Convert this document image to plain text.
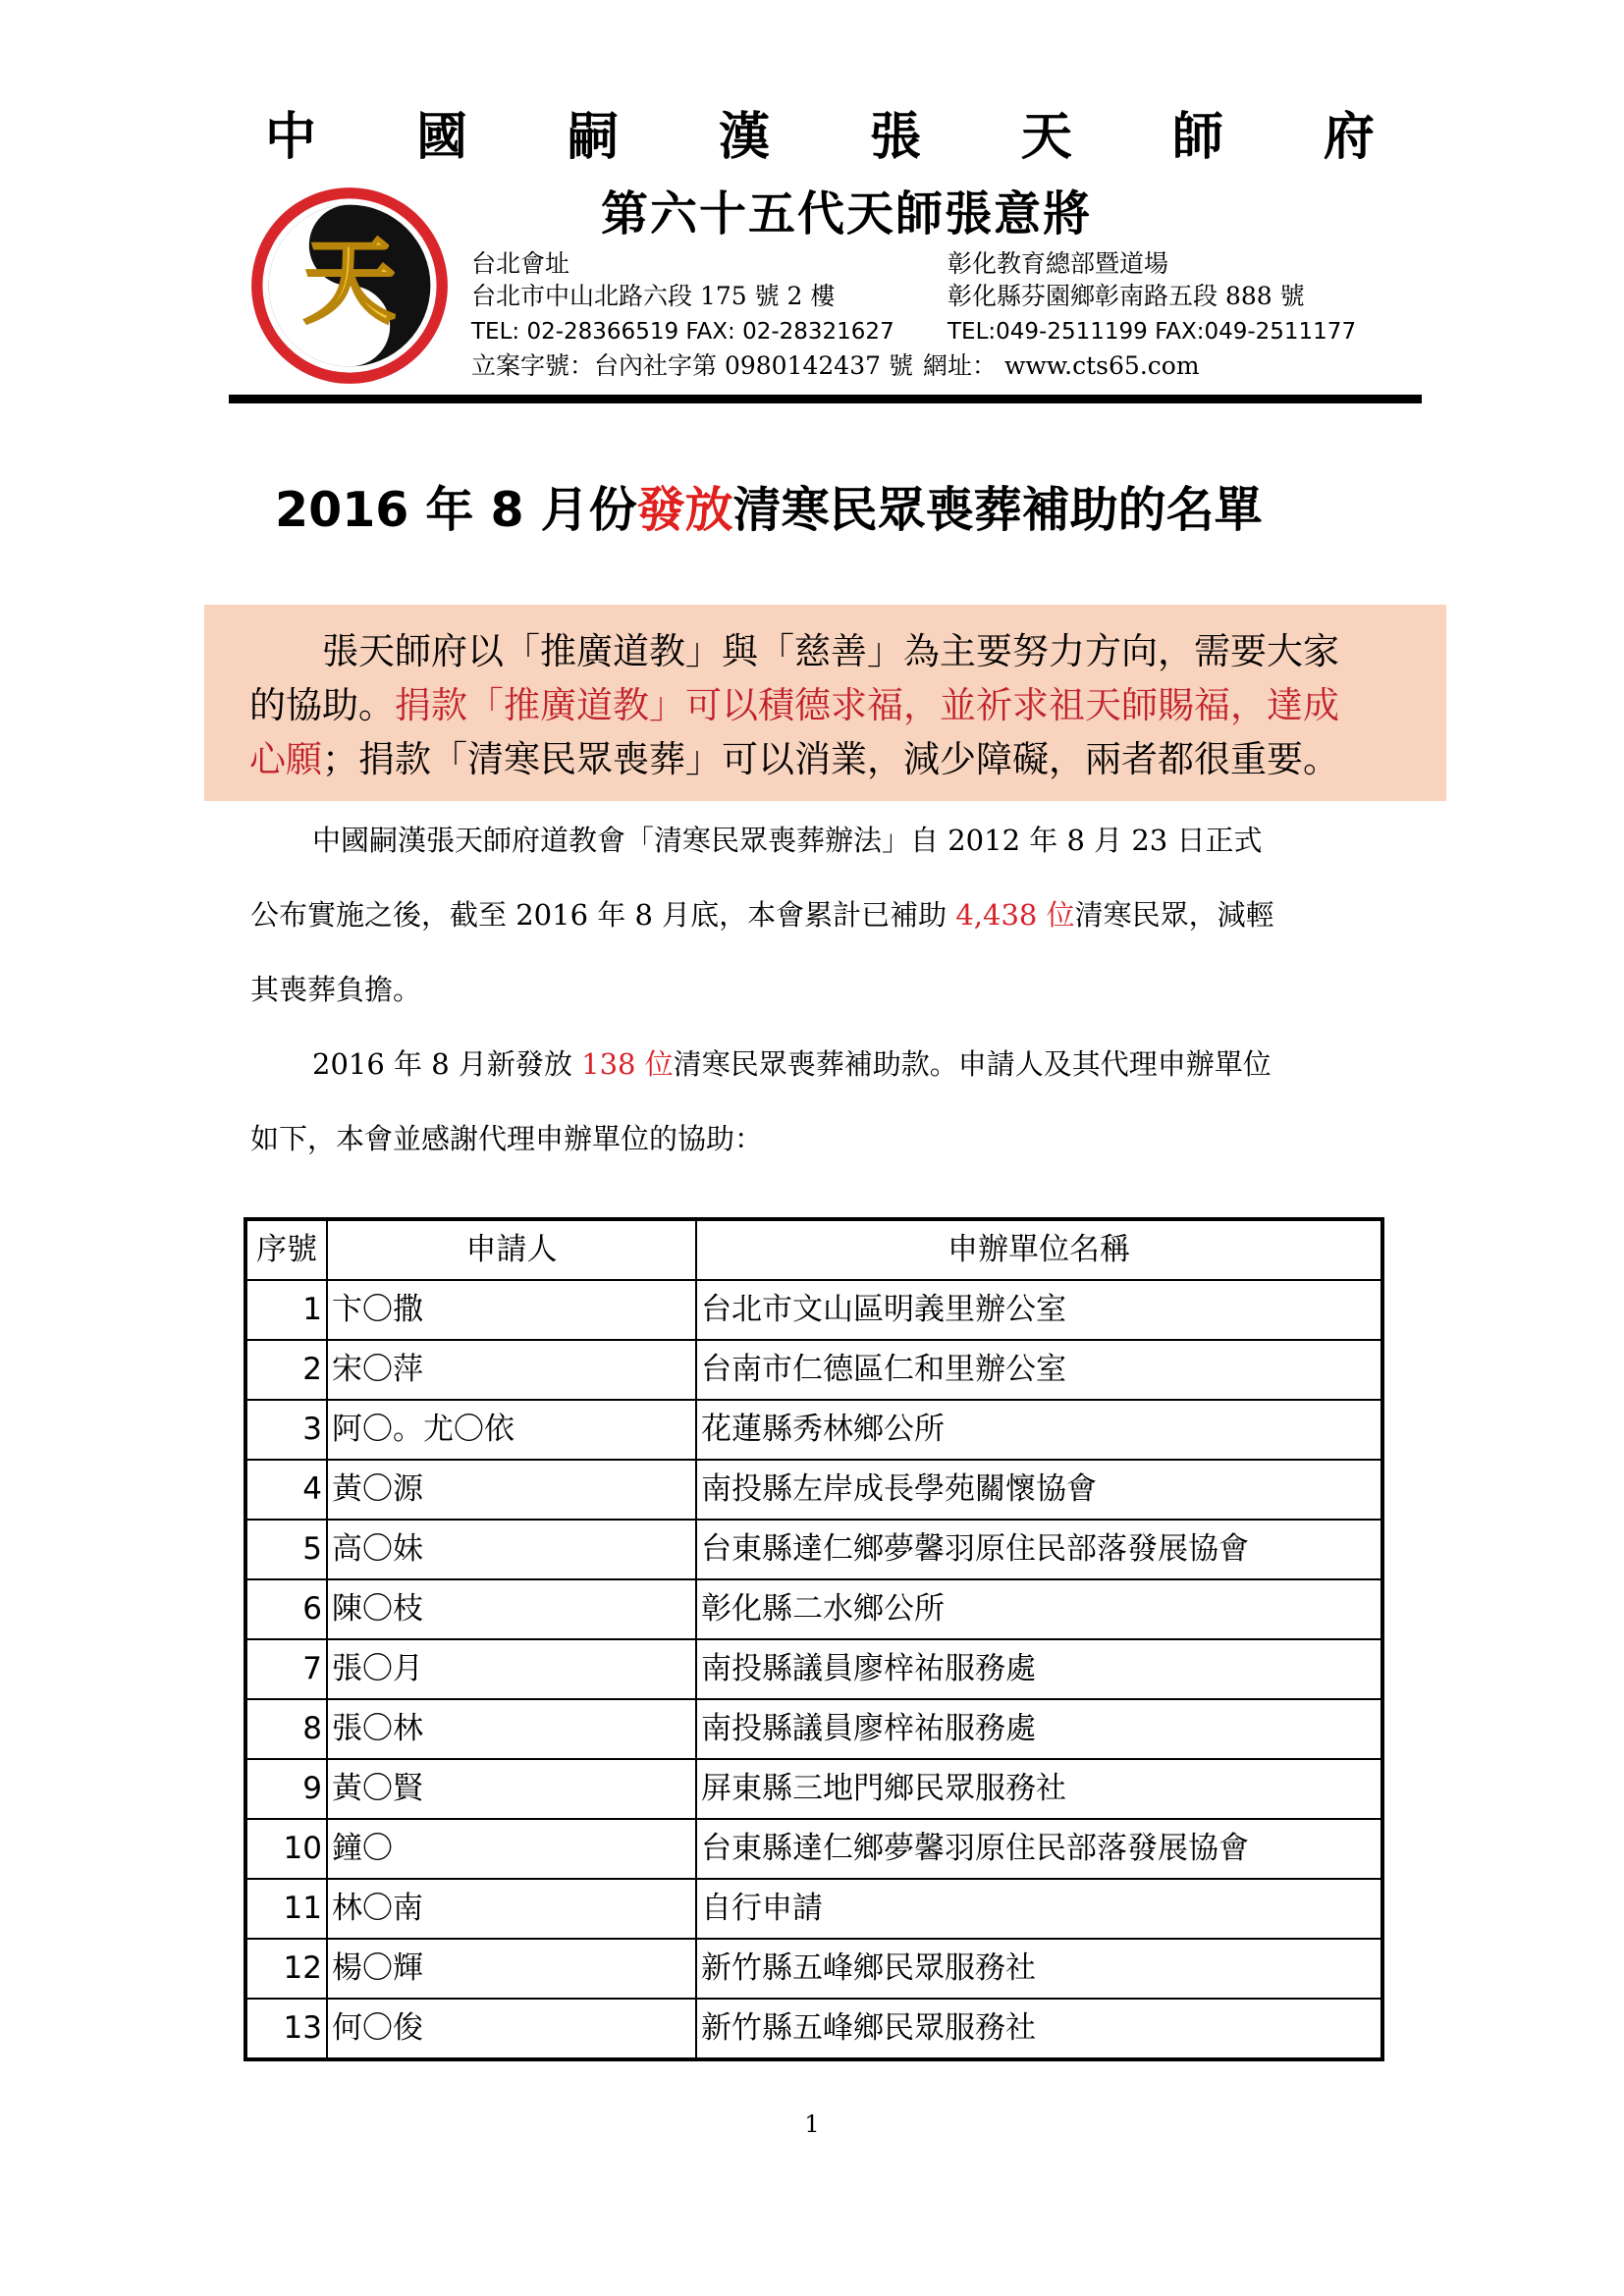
中 國 嗣 漢 張 天 師 府
天
第六十五代天師張意將
台北會址
台北市中山北路六段 175 號 2 樓
TEL: 02-28366519 FAX: 02-28321627
立案字號：台內社字第 0980142437 號
彰化教育總部暨道場
彰化縣芬園鄉彰南路五段 888 號
TEL:049-2511199 FAX:049-2511177
網址： www.cts65.com
2016 年 8 月份發放清寒民眾喪葬補助的名單

張天師府以「推廣道教」與「慈善」為主要努力方向，需要大家

的協助。捐款「推廣道教」可以積德求福，並祈求祖天師賜福，達成

心願；捐款「清寒民眾喪葬」可以消業，減少障礙，兩者都很重要。

中國嗣漢張天師府道教會「清寒民眾喪葬辦法」自 2012 年 8 月 23 日正式
公布實施之後，截至 2016 年 8 月底，本會累計已補助 4,438 位清寒民眾，減輕
其喪葬負擔。
2016 年 8 月新發放 138 位清寒民眾喪葬補助款。申請人及其代理申辦單位
如下，本會並感謝代理申辦單位的協助：
序號	申請人	申辦單位名稱
1	卞〇撒	台北市文山區明義里辦公室
2	宋〇萍	台南市仁德區仁和里辦公室
3	阿〇。尤〇依	花蓮縣秀林鄉公所
4	黃〇源	南投縣左岸成長學苑關懷協會
5	高〇妹	台東縣達仁鄉夢馨羽原住民部落發展協會
6	陳〇枝	彰化縣二水鄉公所
7	張〇月	南投縣議員廖梓祐服務處
8	張〇林	南投縣議員廖梓祐服務處
9	黃〇賢	屏東縣三地門鄉民眾服務社
10	鐘〇	台東縣達仁鄉夢馨羽原住民部落發展協會
11	林〇南	自行申請
12	楊〇輝	新竹縣五峰鄉民眾服務社
13	何〇俊	新竹縣五峰鄉民眾服務社
1
